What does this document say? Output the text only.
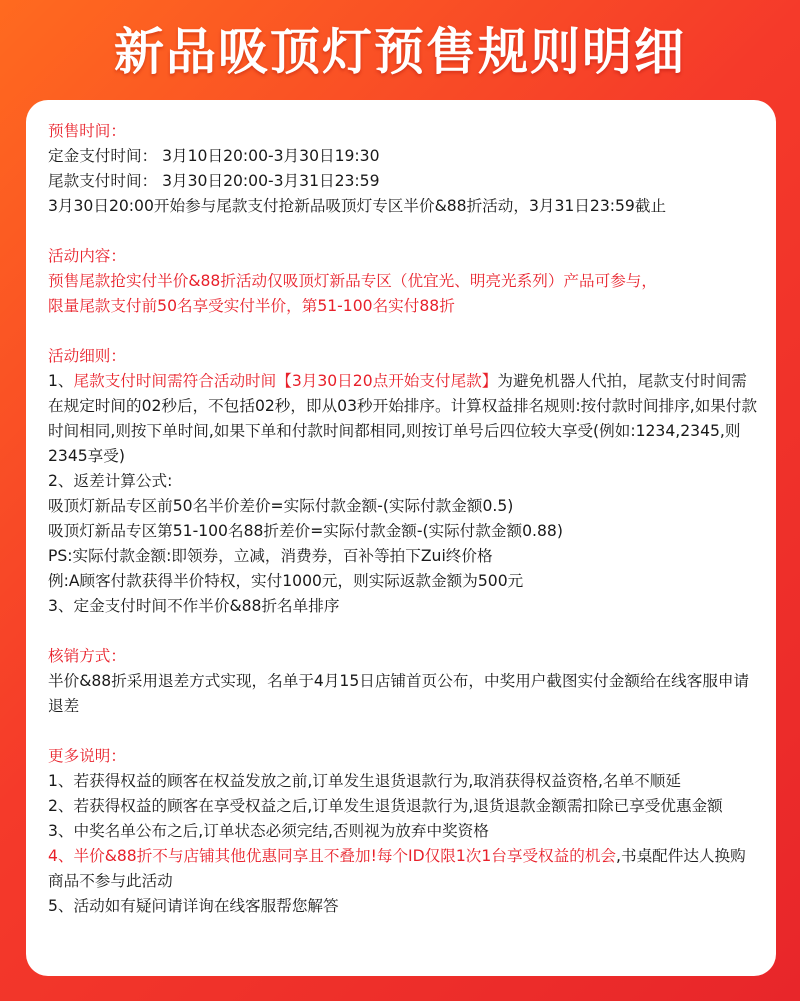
新品吸顶灯预售规则明细
预售时间：
定金支付时间： 3月10日20:00-3月30日19:30
尾款支付时间： 3月30日20:00-3月31日23:59
3月30日20:00开始参与尾款支付抢新品吸顶灯专区半价&88折活动，3月31日23:59截止
活动内容：
预售尾款抢实付半价&88折活动仅吸顶灯新品专区（优宜光、明亮光系列）产品可参与，
限量尾款支付前50名享受实付半价，第51-100名实付88折
活动细则：
1、尾款支付时间需符合活动时间【3月30日20点开始支付尾款】为避免机器人代拍，尾款支付时间需在规定时间的02秒后，不包括02秒，即从03秒开始排序。计算权益排名规则:按付款时间排序,如果付款时间相同,则按下单时间,如果下单和付款时间都相同,则按订单号后四位较大享受(例如:1234,2345,则2345享受)
2、返差计算公式:
吸顶灯新品专区前50名半价差价=实际付款金额-(实际付款金额0.5)
吸顶灯新品专区第51-100名88折差价=实际付款金额-(实际付款金额0.88)
PS:实际付款金额:即领券，立减，消费券，百补等拍下Zui终价格
例:A顾客付款获得半价特权，实付1000元，则实际返款金额为500元
3、定金支付时间不作半价&88折名单排序
核销方式：
半价&88折采用退差方式实现，名单于4月15日店铺首页公布，中奖用户截图实付金额给在线客服申请退差
更多说明：
1、若获得权益的顾客在权益发放之前,订单发生退货退款行为,取消获得权益资格,名单不顺延
2、若获得权益的顾客在享受权益之后,订单发生退货退款行为,退货退款金额需扣除已享受优惠金额
3、中奖名单公布之后,订单状态必须完结,否则视为放弃中奖资格
4、半价&88折不与店铺其他优惠同享且不叠加!每个ID仅限1次1台享受权益的机会,书桌配件达人换购商品不参与此活动
5、活动如有疑问请详询在线客服帮您解答
